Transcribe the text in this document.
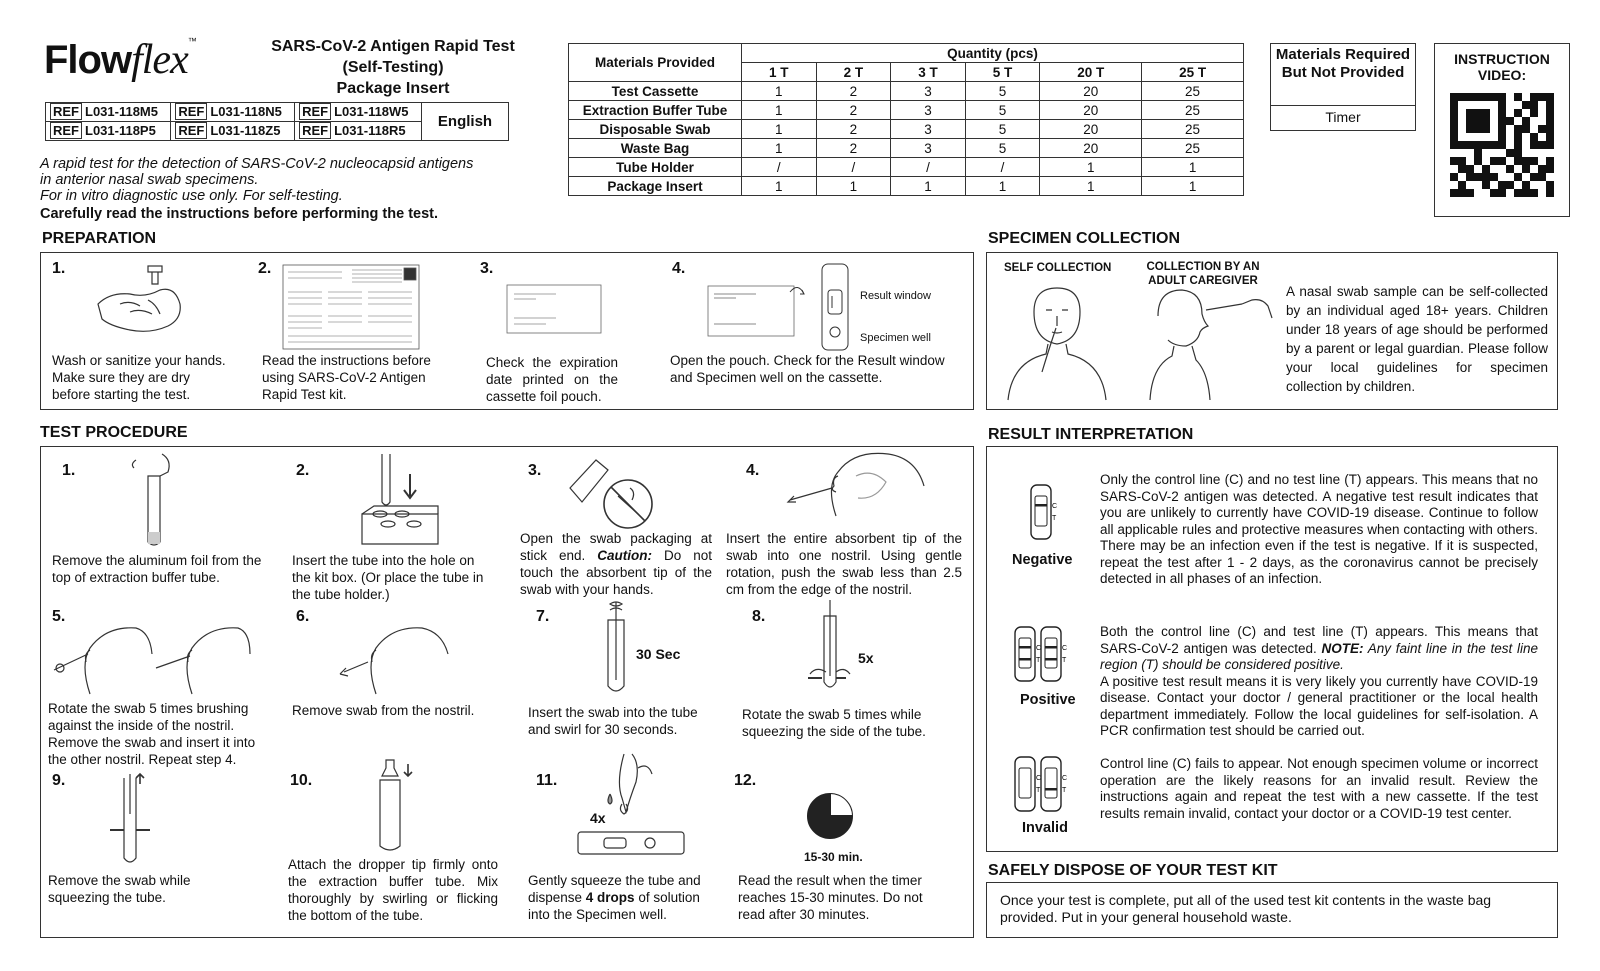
Flowflex™	SARS-CoV-2 Antigen Rapid Test
(Self-Testing)
Package Insert
REF L031-118M5	REF L031-118N5	REF L031-118W5	English
REF L031-118P5	REF L031-118Z5	REF L031-118R5	
A rapid test for the detection of SARS-CoV-2 nucleocapsid antigens
in anterior nasal swab specimens.
For in vitro diagnostic use only. For self-testing.
Carefully read the instructions before performing the test.
Materials Provided	Quantity (pcs)					
	1 T	2 T	3 T	5 T	20 T	25 T
Test Cassette	1	2	3	5	20	25
Extraction Buffer Tube	1	2	3	5	20	25
Disposable Swab	1	2	3	5	20	25
Waste Bag	1	2	3	5	20	25
Tube Holder	/	/	/	/	1	1
Package Insert	1	1	1	1	1	1
Materials Required But Not Provided
Timer
INSTRUCTION VIDEO:
PREPARATION
1.
Wash or sanitize your hands. Make sure they are dry before starting the test.
2.
Read the instructions before using SARS-CoV-2 Antigen Rapid Test kit.
3.
Check the expiration date printed on the cassette foil pouch.
4.
Result window
Specimen well
Open the pouch. Check for the Result window and Specimen well on the cassette.
SPECIMEN COLLECTION
SELF COLLECTION	COLLECTION BY AN ADULT CAREGIVER
A nasal swab sample can be self-collected by an individual aged 18+ years. Children under 18 years of age should be performed by a parent or legal guardian. Please follow your local guidelines for specimen collection by children.
TEST PROCEDURE
1.
Remove the aluminum foil from the top of extraction buffer tube.
2.
Insert the tube into the hole on the kit box. (Or place the tube in the tube holder.)
3.
Open the swab packaging at stick end. Caution: Do not touch the absorbent tip of the swab with your hands.
4.
Insert the entire absorbent tip of the swab into one nostril. Using gentle rotation, push the swab less than 2.5 cm from the edge of the nostril.
5.
Rotate the swab 5 times brushing against the inside of the nostril. Remove the swab and insert it into the other nostril. Repeat step 4.
6.
Remove swab from the nostril.
7.
30 Sec
Insert the swab into the tube and swirl for 30 seconds.
8.
5x
Rotate the swab 5 times while squeezing the side of the tube.
9.
Remove the swab while squeezing the tube.
10.
Attach the dropper tip firmly onto the extraction buffer tube. Mix thoroughly by swirling or flicking the bottom of the tube.
11.
4x
Gently squeeze the tube and dispense 4 drops of solution into the Specimen well.
12.
15-30 min.
Read the result when the timer reaches 15-30 minutes. Do not read after 30 minutes.
RESULT INTERPRETATION
C
T
Negative
Only the control line (C) and no test line (T) appears. This means that no SARS-CoV-2 antigen was detected. A negative test result indicates that you are unlikely to currently have COVID-19 disease. Continue to follow all applicable rules and protective measures when contacting with others. There may be an infection even if the test is negative. If it is suspected, repeat the test after 1 - 2 days, as the coronavirus cannot be precisely detected in all phases of an infection.
C
T
C
T
Positive
Both the control line (C) and test line (T) appears. This means that SARS-CoV-2 antigen was detected. NOTE: Any faint line in the test line region (T) should be considered positive.
A positive test result means it is very likely you currently have COVID-19 disease. Contact your doctor / general practitioner or the local health department immediately. Follow the local guidelines for self-isolation. A PCR confirmation test should be carried out.
C
T
C
T
Invalid
Control line (C) fails to appear. Not enough specimen volume or incorrect operation are the likely reasons for an invalid result. Review the instructions again and repeat the test with a new cassette. If the test results remain invalid, contact your doctor or a COVID-19 test center.
SAFELY DISPOSE OF YOUR TEST KIT
Once your test is complete, put all of the used test kit contents in the waste bag provided. Put in your general household waste.
